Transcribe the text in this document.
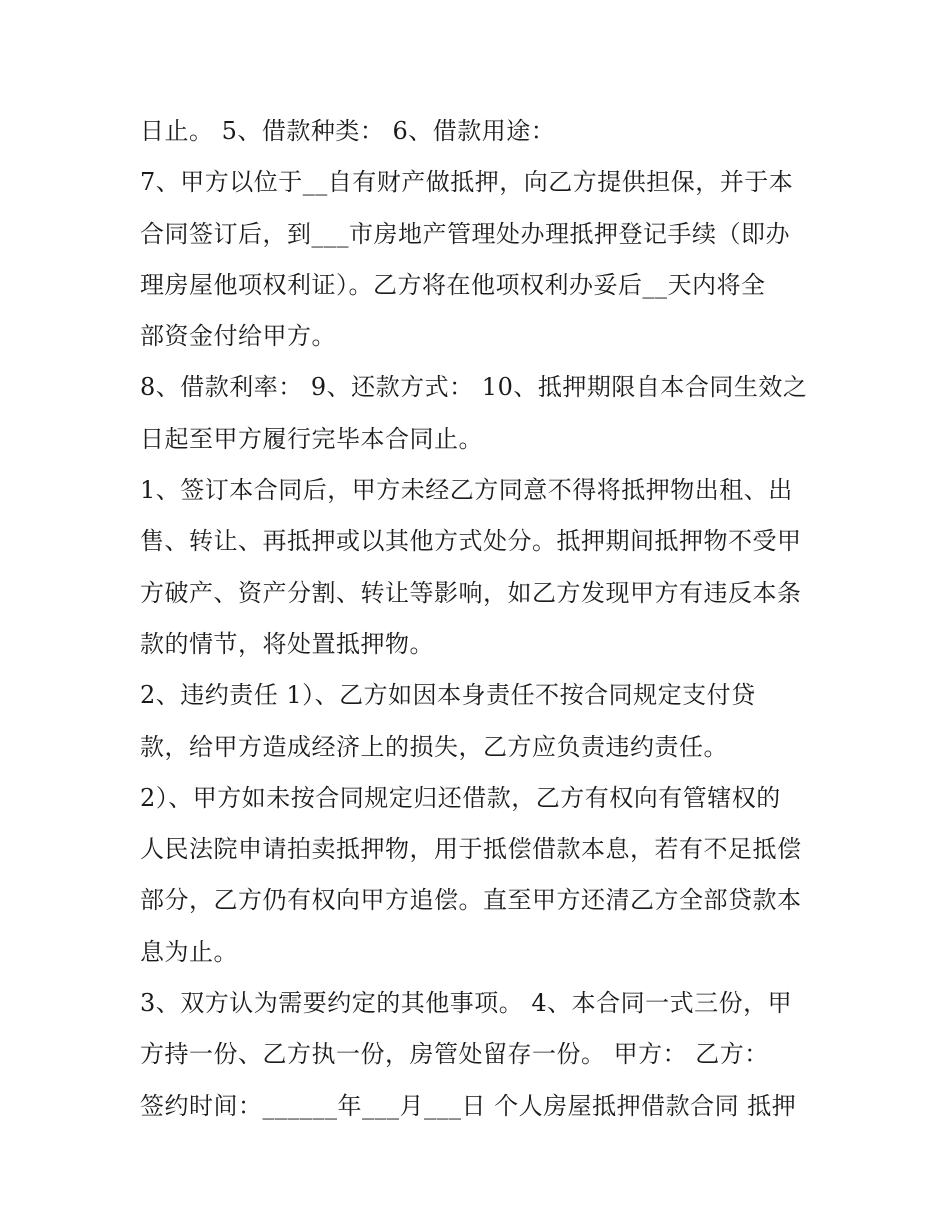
日止。 5、借款种类： 6、借款用途：
7、甲方以位于__自有财产做抵押，向乙方提供担保，并于本
合同签订后，到___市房地产管理处办理抵押登记手续（即办
理房屋他项权利证）。乙方将在他项权利办妥后__天内将全
部资金付给甲方。
8、借款利率： 9、还款方式： 10、抵押期限自本合同生效之
日起至甲方履行完毕本合同止。
1、签订本合同后，甲方未经乙方同意不得将抵押物出租、出
售、转让、再抵押或以其他方式处分。抵押期间抵押物不受甲
方破产、资产分割、转让等影响，如乙方发现甲方有违反本条
款的情节，将处置抵押物。
2、违约责任 1）、乙方如因本身责任不按合同规定支付贷
款，给甲方造成经济上的损失，乙方应负责违约责任。
2）、甲方如未按合同规定归还借款，乙方有权向有管辖权的
人民法院申请拍卖抵押物，用于抵偿借款本息，若有不足抵偿
部分，乙方仍有权向甲方追偿。直至甲方还清乙方全部贷款本
息为止。
3、双方认为需要约定的其他事项。 4、本合同一式三份，甲
方持一份、乙方执一份，房管处留存一份。 甲方： 乙方：
签约时间：______年___月___日 个人房屋抵押借款合同 抵押
